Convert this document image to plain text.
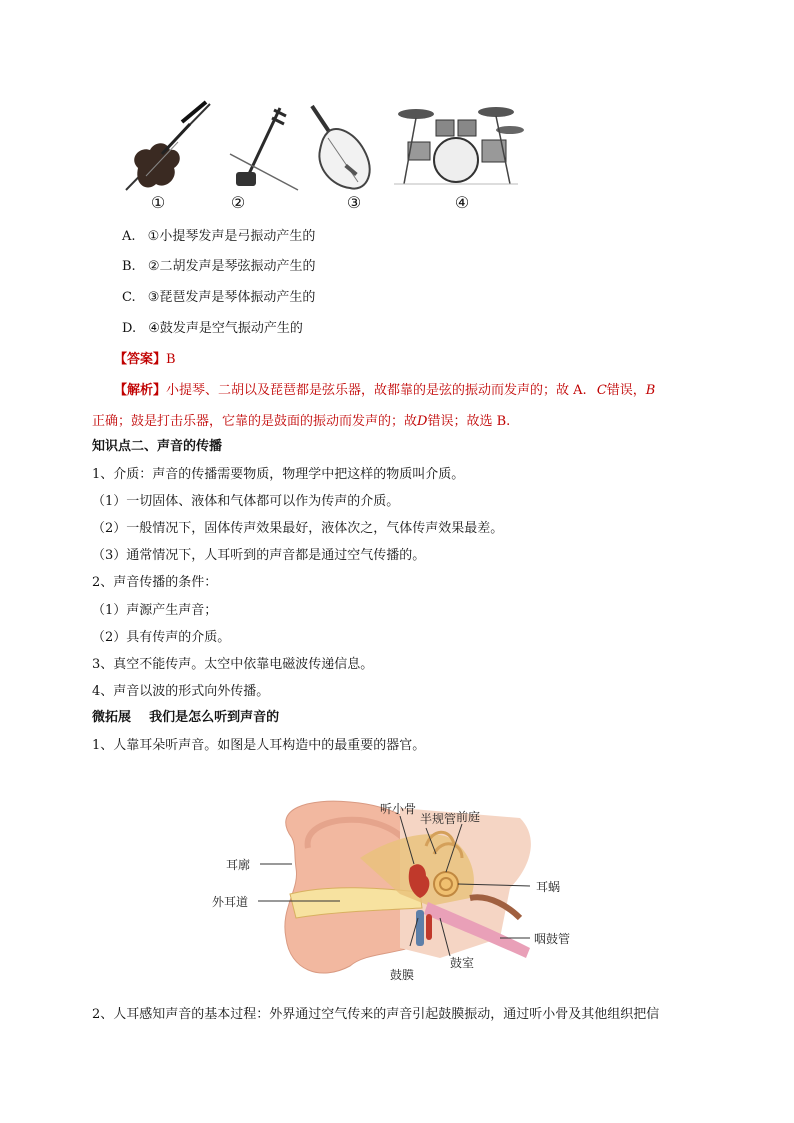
①	②	③	④
A. ①小提琴发声是弓振动产生的
B. ②二胡发声是琴弦振动产生的
C. ③琵琶发声是琴体振动产生的
D. ④鼓发声是空气振动产生的
【答案】B
【解析】小提琴、二胡以及琵琶都是弦乐器，故都靠的是弦的振动而发声的；故 A. C错误，B
正确；鼓是打击乐器，它靠的是鼓面的振动而发声的；故D错误；故选 B.
知识点二、声音的传播
1、介质：声音的传播需要物质，物理学中把这样的物质叫介质。
（1）一切固体、液体和气体都可以作为传声的介质。
（2）一般情况下，固体传声效果最好，液体次之，气体传声效果最差。
（3）通常情况下，人耳听到的声音都是通过空气传播的。
2、声音传播的条件：
（1）声源产生声音；
（2）具有传声的介质。
3、真空不能传声。太空中依靠电磁波传递信息。
4、声音以波的形式向外传播。
微拓展    我们是怎么听到声音的
1、人靠耳朵听声音。如图是人耳构造中的最重要的器官。
听小骨
半规管 前庭
耳廓
外耳道
耳蜗
咽鼓管
鼓膜
鼓室
2、人耳感知声音的基本过程：外界通过空气传来的声音引起鼓膜振动，通过听小骨及其他组织把信
